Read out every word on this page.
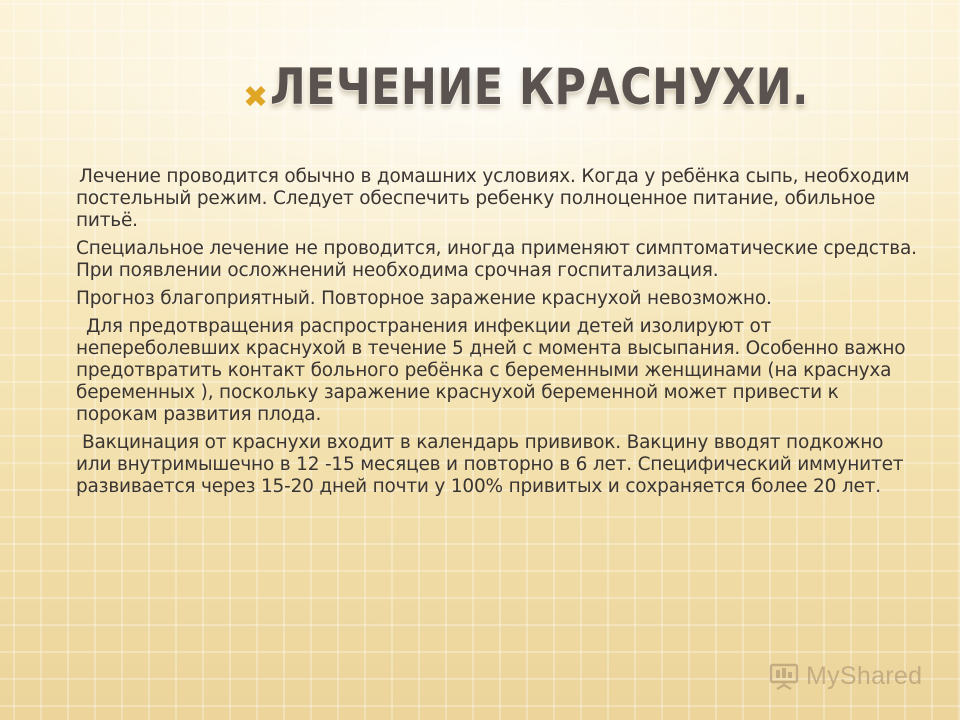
✖ ЛЕЧЕНИЕ КРАСНУХИ.

Лечение проводится обычно в домашних условиях. Когда у ребёнка сыпь, необходим постельный режим. Следует обеспечить ребенку полноценное питание, обильное питьё.

Специальное лечение не проводится, иногда применяют симптоматические средства. При появлении осложнений необходима срочная госпитализация.

Прогноз благоприятный. Повторное заражение краснухой невозможно.

Для предотвращения распространения инфекции детей изолируют от непереболевших краснухой в течение 5 дней с момента высыпания. Особенно важно предотвратить контакт больного ребёнка с беременными женщинами (на краснуха беременных ), поскольку заражение краснухой беременной может привести к порокам развития плода.

Вакцинация от краснухи входит в календарь прививок. Вакцину вводят подкожно или внутримышечно в 12 -15 месяцев и повторно в 6 лет. Специфический иммунитет развивается через 15-20 дней почти у 100% привитых и сохраняется более 20 лет.

MyShared
